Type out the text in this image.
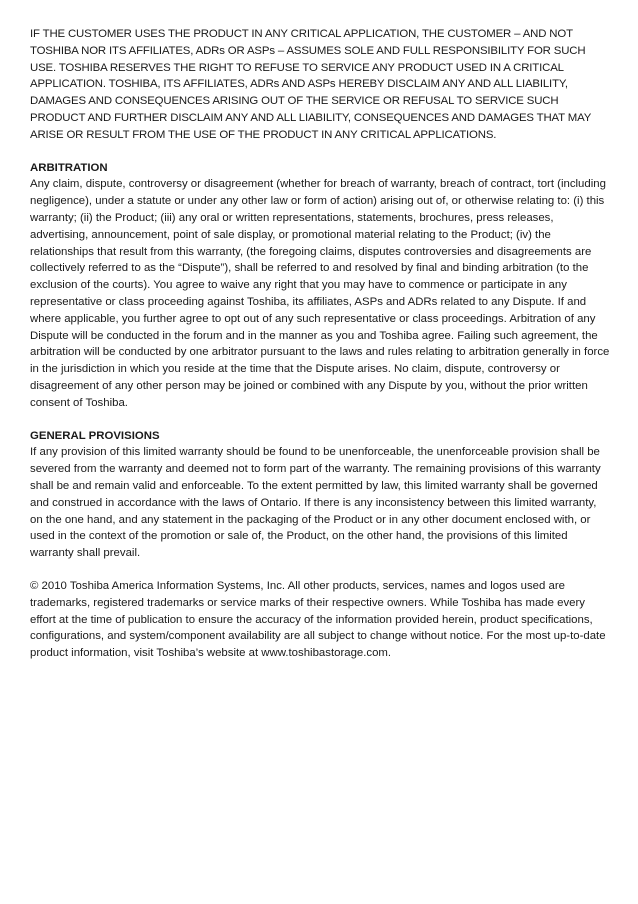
IF THE CUSTOMER USES THE PRODUCT IN ANY CRITICAL APPLICATION, THE CUSTOMER – AND NOT TOSHIBA NOR ITS AFFILIATES, ADRs OR ASPs – ASSUMES SOLE AND FULL RESPONSIBILITY FOR SUCH USE. TOSHIBA RESERVES THE RIGHT TO REFUSE TO SERVICE ANY PRODUCT USED IN A CRITICAL APPLICATION. TOSHIBA, ITS AFFILIATES, ADRs AND ASPs HEREBY DISCLAIM ANY AND ALL LIABILITY, DAMAGES AND CONSEQUENCES ARISING OUT OF THE SERVICE OR REFUSAL TO SERVICE SUCH PRODUCT AND FURTHER DISCLAIM ANY AND ALL LIABILITY, CONSEQUENCES AND DAMAGES THAT MAY ARISE OR RESULT FROM THE USE OF THE PRODUCT IN ANY CRITICAL APPLICATIONS.

ARBITRATION

Any claim, dispute, controversy or disagreement (whether for breach of warranty, breach of contract, tort (including negligence), under a statute or under any other law or form of action) arising out of, or otherwise relating to: (i) this warranty; (ii) the Product; (iii) any oral or written representations, statements, brochures, press releases, advertising, announcement, point of sale display, or promotional material relating to the Product; (iv) the relationships that result from this warranty, (the foregoing claims, disputes controversies and disagreements are collectively referred to as the “Dispute”), shall be referred to and resolved by final and binding arbitration (to the exclusion of the courts). You agree to waive any right that you may have to commence or participate in any representative or class proceeding against Toshiba, its affiliates, ASPs and ADRs related to any Dispute. If and where applicable, you further agree to opt out of any such representative or class proceedings. Arbitration of any Dispute will be conducted in the forum and in the manner as you and Toshiba agree. Failing such agreement, the arbitration will be conducted by one arbitrator pursuant to the laws and rules relating to arbitration generally in force in the jurisdiction in which you reside at the time that the Dispute arises. No claim, dispute, controversy or disagreement of any other person may be joined or combined with any Dispute by you, without the prior written consent of Toshiba.

GENERAL PROVISIONS

If any provision of this limited warranty should be found to be unenforceable, the unenforceable provision shall be severed from the warranty and deemed not to form part of the warranty. The remaining provisions of this warranty shall be and remain valid and enforceable. To the extent permitted by law, this limited warranty shall be governed and construed in accordance with the laws of Ontario. If there is any inconsistency between this limited warranty, on the one hand, and any statement in the packaging of the Product or in any other document enclosed with, or used in the context of the promotion or sale of, the Product, on the other hand, the provisions of this limited warranty shall prevail.

© 2010 Toshiba America Information Systems, Inc. All other products, services, names and logos used are trademarks, registered trademarks or service marks of their respective owners. While Toshiba has made every effort at the time of publication to ensure the accuracy of the information provided herein, product specifications, configurations, and system/component availability are all subject to change without notice. For the most up-to-date product information, visit Toshiba’s website at www.toshibastorage.com.
